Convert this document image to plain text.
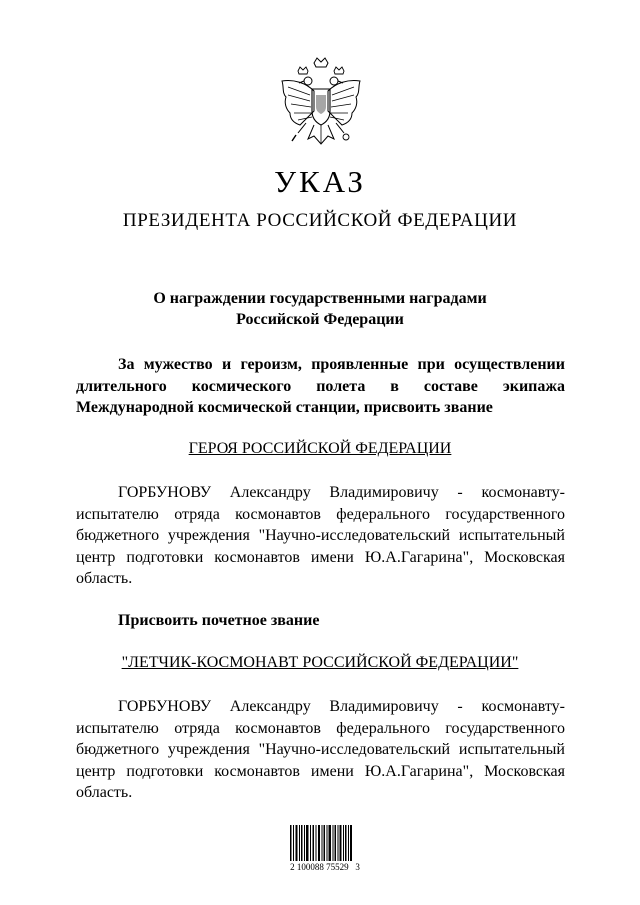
УКАЗ
ПРЕЗИДЕНТА РОССИЙСКОЙ ФЕДЕРАЦИИ
О награждении государственными наградами
Российской Федерации

За мужество и героизм, проявленные при осуществлении длительного космического полета в составе экипажа Международной космической станции, присвоить звание

ГЕРОЯ РОССИЙСКОЙ ФЕДЕРАЦИИ

ГОРБУНОВУ Александру Владимировичу - космонавту-испытателю отряда космонавтов федерального государственного бюджетного учреждения "Научно-исследовательский испытательный центр подготовки космонавтов имени Ю.А.Гагарина", Московская область.

Присвоить почетное звание
"ЛЕТЧИК-КОСМОНАВТ РОССИЙСКОЙ ФЕДЕРАЦИИ"

ГОРБУНОВУ Александру Владимировичу - космонавту-испытателю отряда космонавтов федерального государственного бюджетного учреждения "Научно-исследовательский испытательный центр подготовки космонавтов имени Ю.А.Гагарина", Московская область.

2 100088 75529   3
